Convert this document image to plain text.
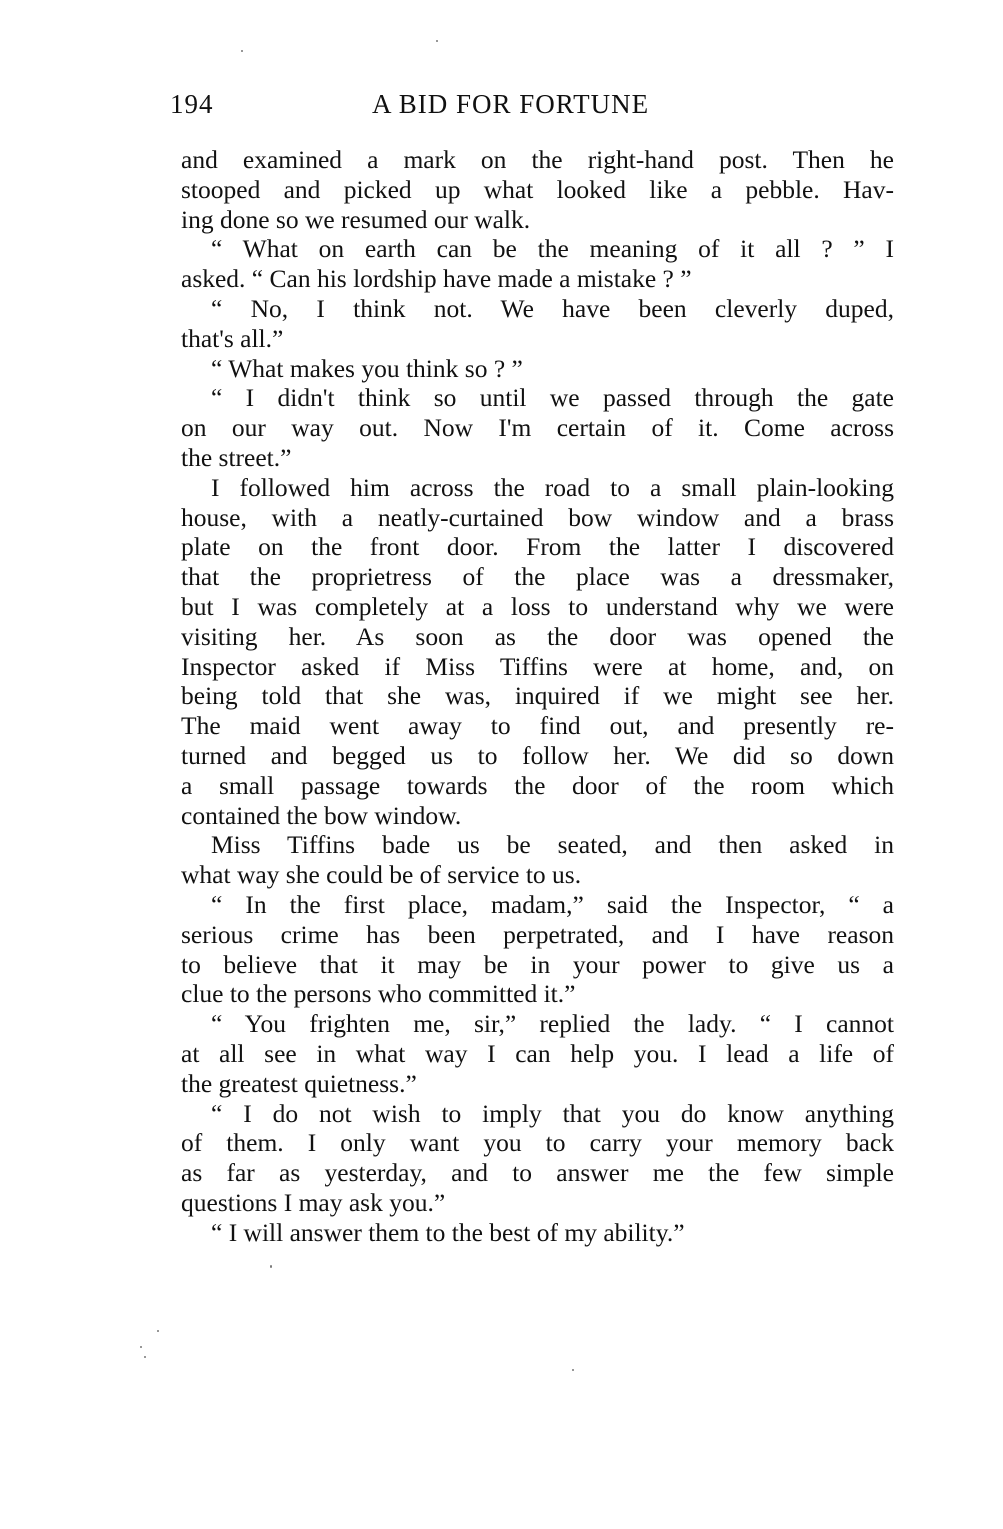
194	A BID FOR FORTUNE
and examined a mark on the right-hand post. Then he
stooped and picked up what looked like a pebble. Hav-
ing done so we resumed our walk.
“ What on earth can be the meaning of it all ? ” I
asked. “ Can his lordship have made a mistake ? ”
“ No, I think not. We have been cleverly duped,
that's all.”
“ What makes you think so ? ”
“ I didn't think so until we passed through the gate
on our way out. Now I'm certain of it. Come across
the street.”
I followed him across the road to a small plain-looking
house, with a neatly-curtained bow window and a brass
plate on the front door. From the latter I discovered
that the proprietress of the place was a dressmaker,
but I was completely at a loss to understand why we were
visiting her. As soon as the door was opened the
Inspector asked if Miss Tiffins were at home, and, on
being told that she was, inquired if we might see her.
The maid went away to find out, and presently re-
turned and begged us to follow her. We did so down
a small passage towards the door of the room which
contained the bow window.
Miss Tiffins bade us be seated, and then asked in
what way she could be of service to us.
“ In the first place, madam,” said the Inspector, “ a
serious crime has been perpetrated, and I have reason
to believe that it may be in your power to give us a
clue to the persons who committed it.”
“ You frighten me, sir,” replied the lady. “ I cannot
at all see in what way I can help you. I lead a life of
the greatest quietness.”
“ I do not wish to imply that you do know anything
of them. I only want you to carry your memory back
as far as yesterday, and to answer me the few simple
questions I may ask you.”
“ I will answer them to the best of my ability.”
